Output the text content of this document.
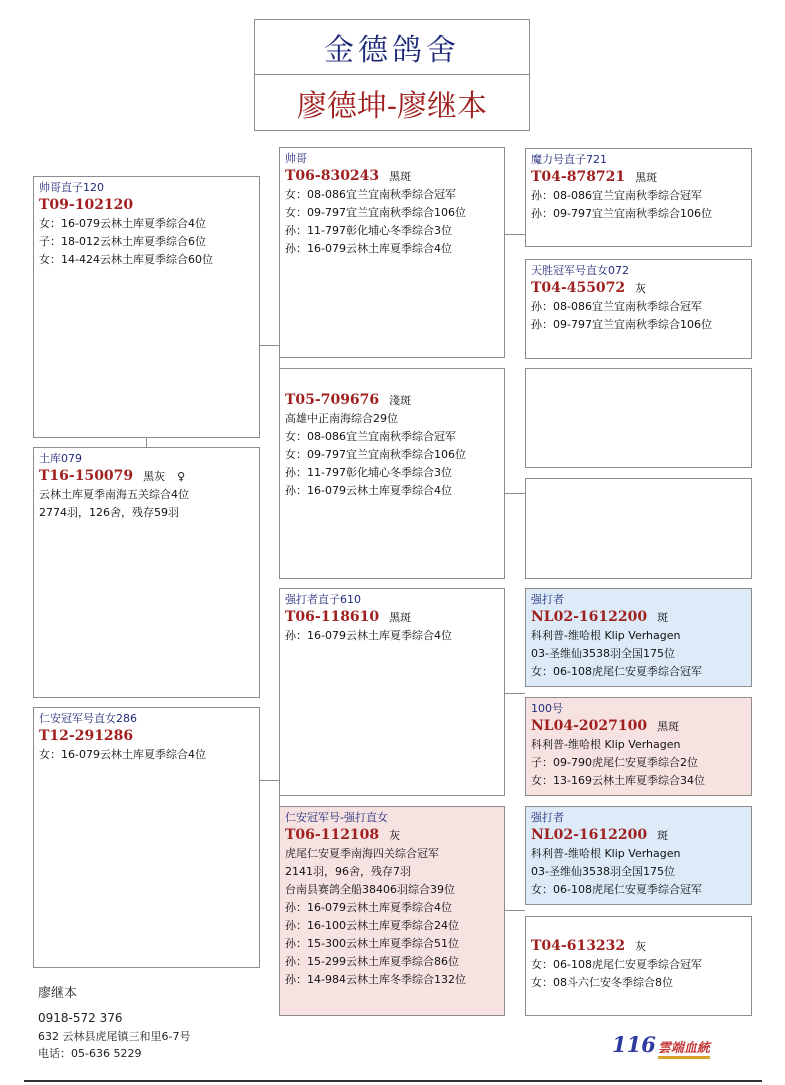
金德鸽舍
廖德坤-廖继本
帅哥直子120
T09-102120
女：16-079云林土库夏季综合4位
子：18-012云林土库夏季综合6位
女：14-424云林土库夏季综合60位
土库079
T16-150079 黑灰 ♀
云林土库夏季南海五关综合4位
2774羽，126舍，残存59羽
仁安冠军号直女286
T12-291286
女：16-079云林土库夏季综合4位
帅哥
T06-830243 黑斑
女：08-086宜兰宜南秋季综合冠军
女：09-797宜兰宜南秋季综合106位
孙：11-797彰化埔心冬季综合3位
孙：16-079云林土库夏季综合4位
T05-709676 淺斑
高雄中正南海综合29位
女：08-086宜兰宜南秋季综合冠军
女：09-797宜兰宜南秋季综合106位
孙：11-797彰化埔心冬季综合3位
孙：16-079云林土库夏季综合4位
强打者直子610
T06-118610 黑斑
孙：16-079云林土库夏季综合4位
仁安冠军号-强打直女
T06-112108 灰
虎尾仁安夏季南海四关综合冠军
2141羽，96舍，残存7羽
台南县赛鸽全船38406羽综合39位
孙：16-079云林土库夏季综合4位
孙：16-100云林土库夏季综合24位
孙：15-300云林土库夏季综合51位
孙：15-299云林土库夏季综合86位
孙：14-984云林土库冬季综合132位
魔力号直子721
T04-878721 黑斑
孙：08-086宜兰宜南秋季综合冠军
孙：09-797宜兰宜南秋季综合106位
天胜冠军号直女072
T04-455072 灰
孙：08-086宜兰宜南秋季综合冠军
孙：09-797宜兰宜南秋季综合106位
强打者
NL02-1612200 斑
科利普-维哈根 Klip Verhagen
03-圣维仙3538羽全国175位
女：06-108虎尾仁安夏季综合冠军
100号
NL04-2027100 黑斑
科利普-维哈根 Klip Verhagen
子：09-790虎尾仁安夏季综合2位
女：13-169云林土库夏季综合34位
强打者
NL02-1612200 斑
科利普-维哈根 Klip Verhagen
03-圣维仙3538羽全国175位
女：06-108虎尾仁安夏季综合冠军
T04-613232 灰
女：06-108虎尾仁安夏季综合冠军
女：08斗六仁安冬季综合8位
廖继本
0918-572 376
632 云林县虎尾镇三和里6-7号
电话：05-636 5229	116 雲端血統
